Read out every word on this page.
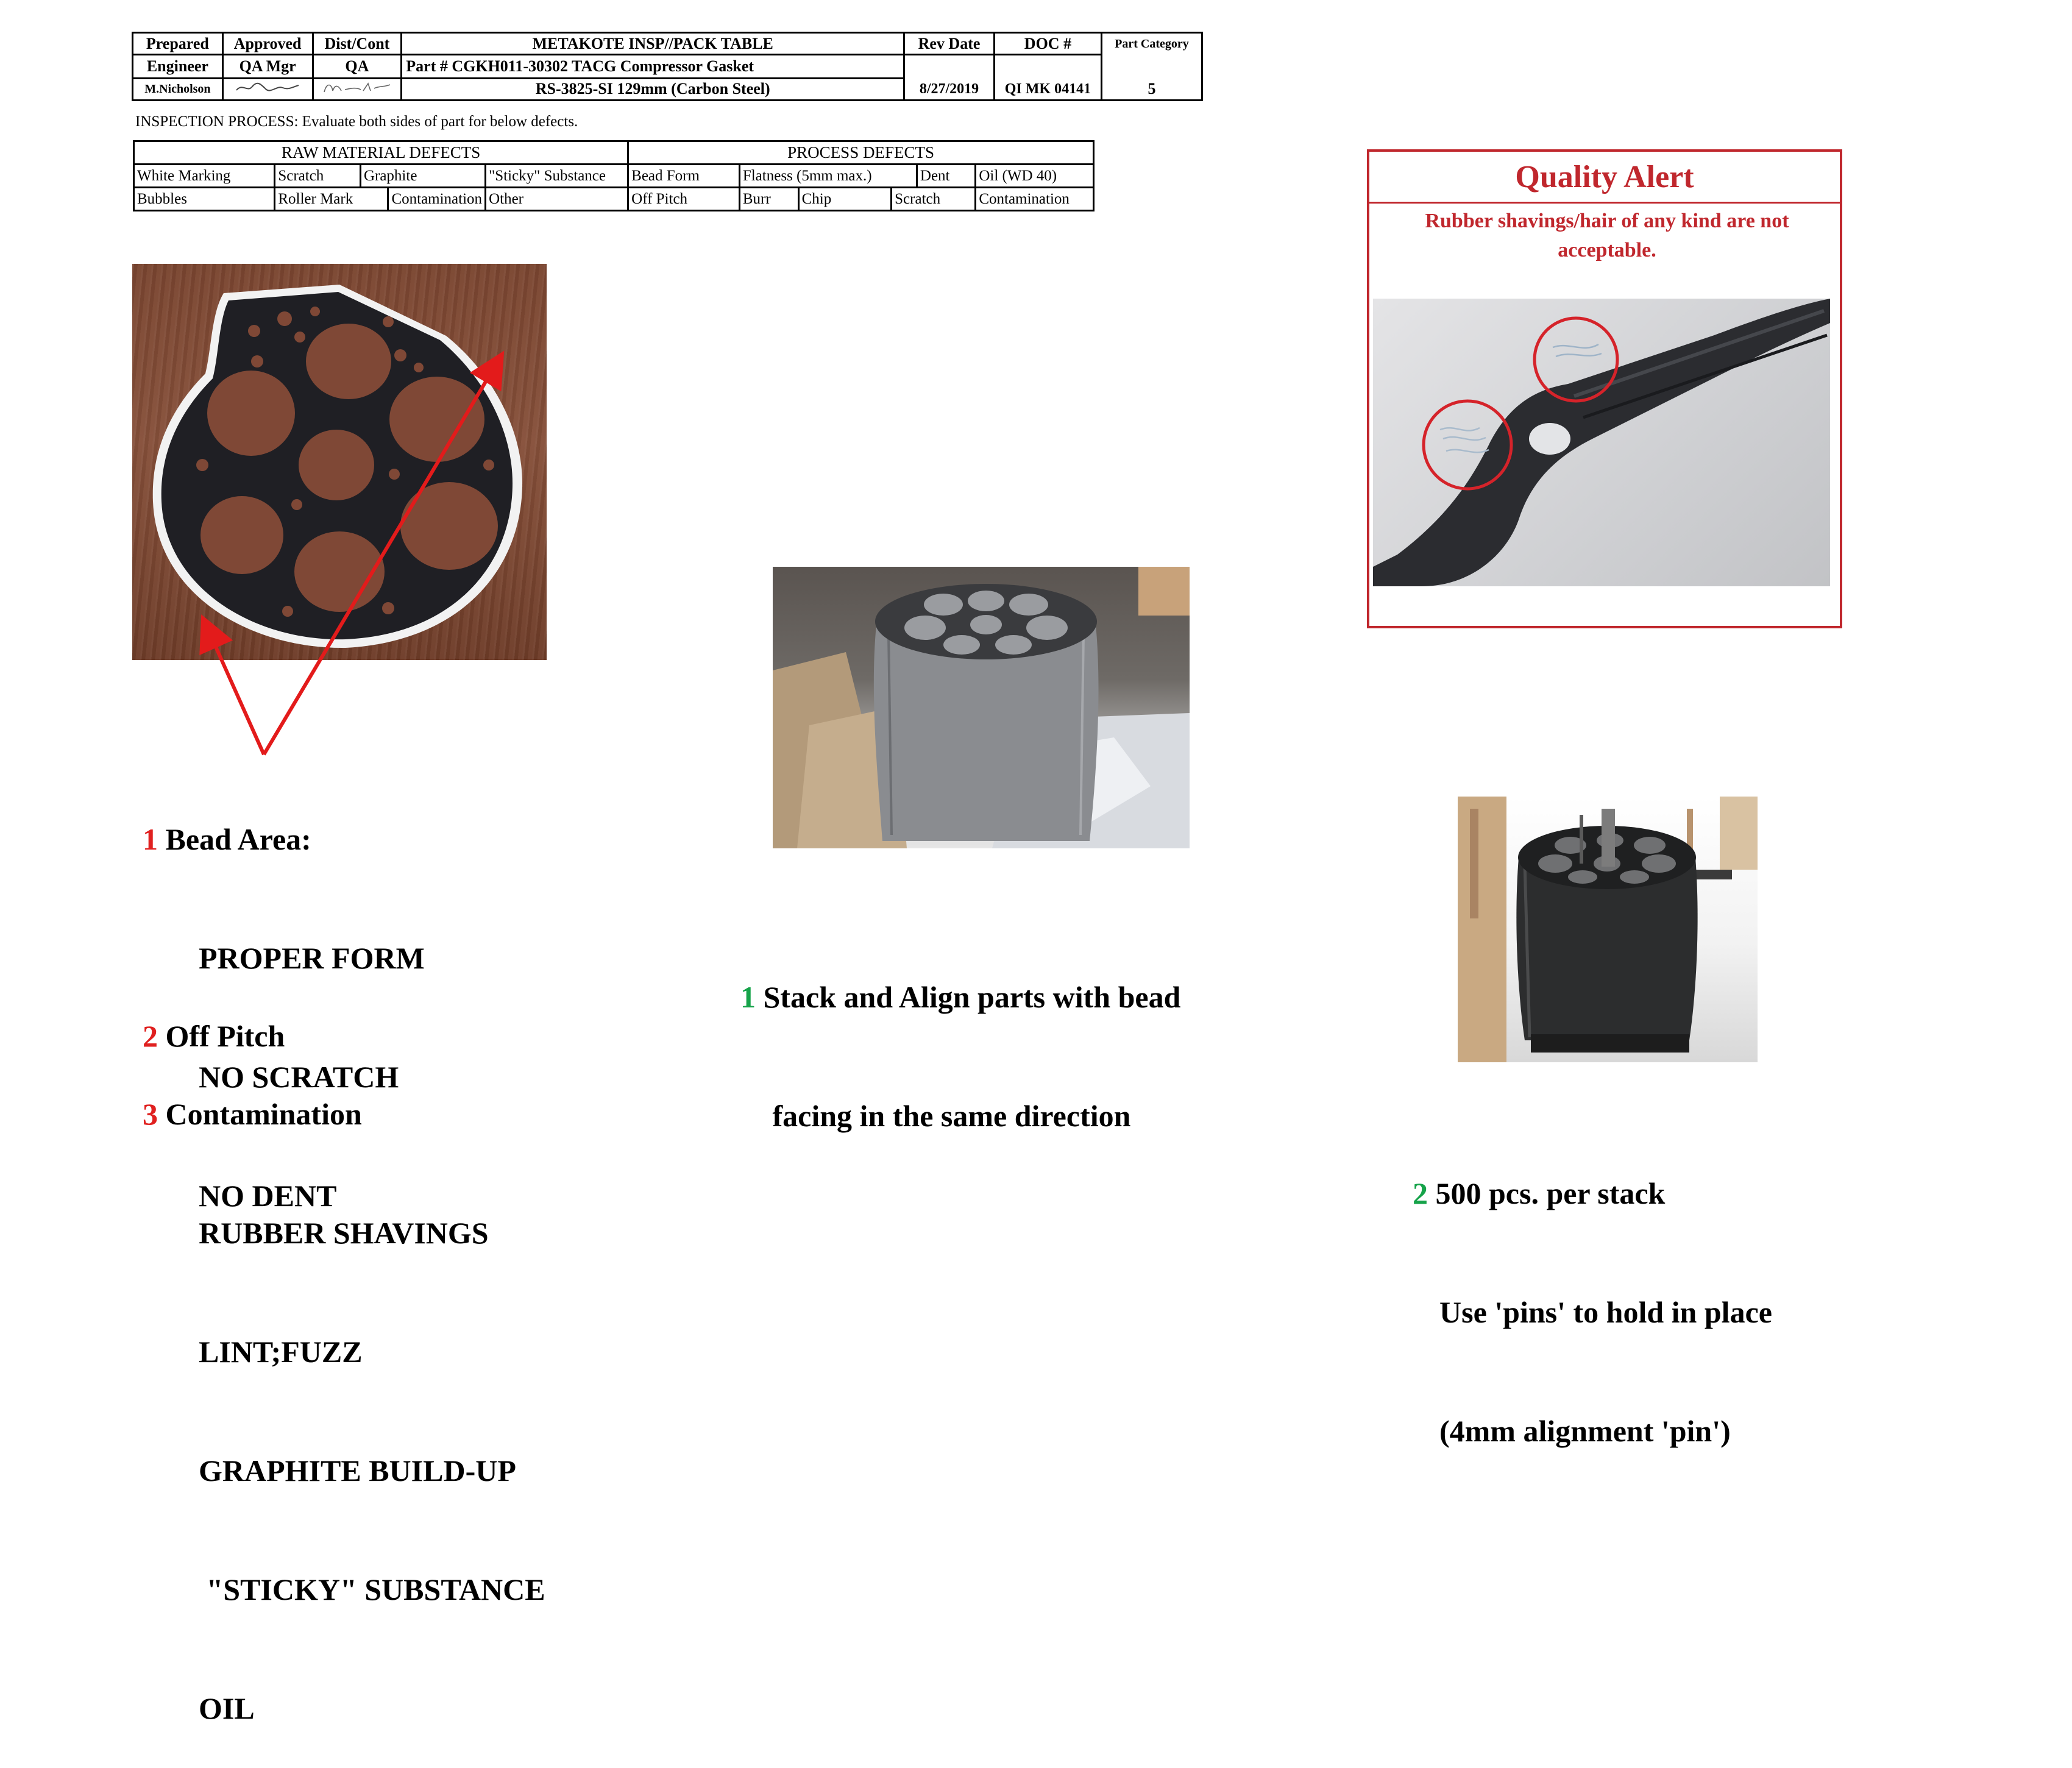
Prepared	Approved	Dist/Cont	METAKOTE INSP//PACK TABLE	Rev Date	DOC #	Part Category
Engineer	QA Mgr	QA	Part # CGKH011-30302 TACG Compressor Gasket			
M.Nicholson			RS-3825-SI 129mm (Carbon Steel)	8/27/2019	QI MK 04141	5
INSPECTION PROCESS: Evaluate both sides of part for below defects.
RAW MATERIAL DEFECTS					PROCESS DEFECTS					
White Marking	Scratch	Graphite		"Sticky" Substance	Bead Form	Flatness (5mm max.)			Dent	Oil (WD 40)
Bubbles	Roller Mark		Contamination	Other	Off Pitch	Burr	Chip	Scratch		Contamination
Quality Alert
Rubber shavings/hair of any kind are not acceptable.

1 Bead Area:

PROPER FORM

NO SCRATCH

NO DENT

2 Off Pitch

3 Contamination

RUBBER SHAVINGS

LINT;FUZZ

GRAPHITE BUILD-UP

"STICKY" SUBSTANCE

OIL

1 Stack and Align parts with bead

facing in the same direction

2 500 pcs. per stack

Use 'pins' to hold in place

(4mm alignment 'pin')
